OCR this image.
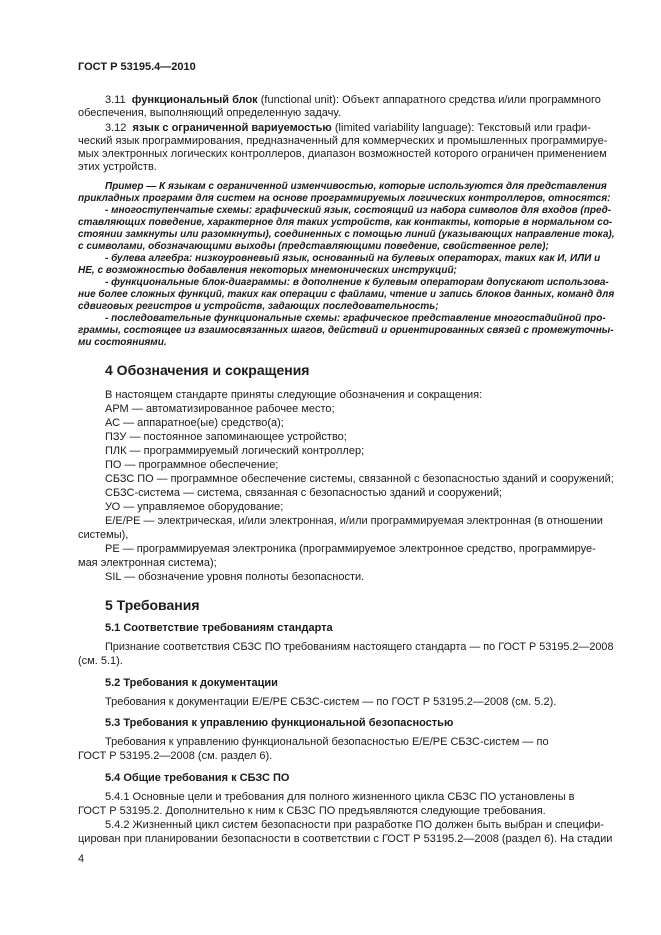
ГОСТ Р 53195.4—2010
3.11 функциональный блок (functional unit): Объект аппаратного средства и/или программного
обеспечения, выполняющий определенную задачу.
3.12 язык с ограниченной вариуемостью (limited variability language): Текстовый или графи-
ческий язык программирования, предназначенный для коммерческих и промышленных программируе-
мых электронных логических контроллеров, диапазон возможностей которого ограничен применением
этих устройств.
Пример — К языкам с ограниченной изменчивостью, которые используются для представления
прикладных программ для систем на основе программируемых логических контроллеров, относятся:
- многоступенчатые схемы: графический язык, состоящий из набора символов для входов (пред-
ставляющих поведение, характерное для таких устройств, как контакты, которые в нормальном со-
стоянии замкнуты или разомкнуты), соединенных с помощью линий (указывающих направление тока),
с символами, обозначающими выходы (представляющими поведение, свойственное реле);
- булева алгебра: низкоуровневый язык, основанный на булевых операторах, таких как И, ИЛИ и
НЕ, с возможностью добавления некоторых мнемонических инструкций;
- функциональные блок-диаграммы: в дополнение к булевым операторам допускают использова-
ние более сложных функций, таких как операции с файлами, чтение и запись блоков данных, команд для
сдвиговых регистров и устройств, задающих последовательность;
- последовательные функциональные схемы: графическое представление многостадийной про-
граммы, состоящее из взаимосвязанных шагов, действий и ориентированных связей с промежуточны-
ми состояниями.
4 Обозначения и сокращения
В настоящем стандарте приняты следующие обозначения и сокращения:
АРМ — автоматизированное рабочее место;
АС — аппаратное(ые) средство(а);
ПЗУ — постоянное запоминающее устройство;
ПЛК — программируемый логический контроллер;
ПО — программное обеспечение;
СБЗС ПО — программное обеспечение системы, связанной с безопасностью зданий и сооружений;
СБЗС-система — система, связанная с безопасностью зданий и сооружений;
УО — управляемое оборудование;
Е/Е/РЕ — электрическая, и/или электронная, и/или программируемая электронная (в отношении
системы),
РЕ — программируемая электроника (программируемое электронное средство, программируе-
мая электронная система);
SIL — обозначение уровня полноты безопасности.
5 Требования
5.1 Соответствие требованиям стандарта
Признание соответствия СБЗС ПО требованиям настоящего стандарта — по ГОСТ Р 53195.2—2008
(см. 5.1).
5.2 Требования к документации
Требования к документации Е/Е/РЕ СБЗС-систем — по ГОСТ Р 53195.2—2008 (см. 5.2).
5.3 Требования к управлению функциональной безопасностью
Требования к управлению функциональной безопасностью Е/Е/РЕ СБЗС-систем — по
ГОСТ Р 53195.2—2008 (см. раздел 6).
5.4 Общие требования к СБЗС ПО
5.4.1 Основные цели и требования для полного жизненного цикла СБЗС ПО установлены в
ГОСТ Р 53195.2. Дополнительно к ним к СБЗС ПО предъявляются следующие требования.
5.4.2 Жизненный цикл систем безопасности при разработке ПО должен быть выбран и специфи-
цирован при планировании безопасности в соответствии с ГОСТ Р 53195.2—2008 (раздел 6). На стадии
4
